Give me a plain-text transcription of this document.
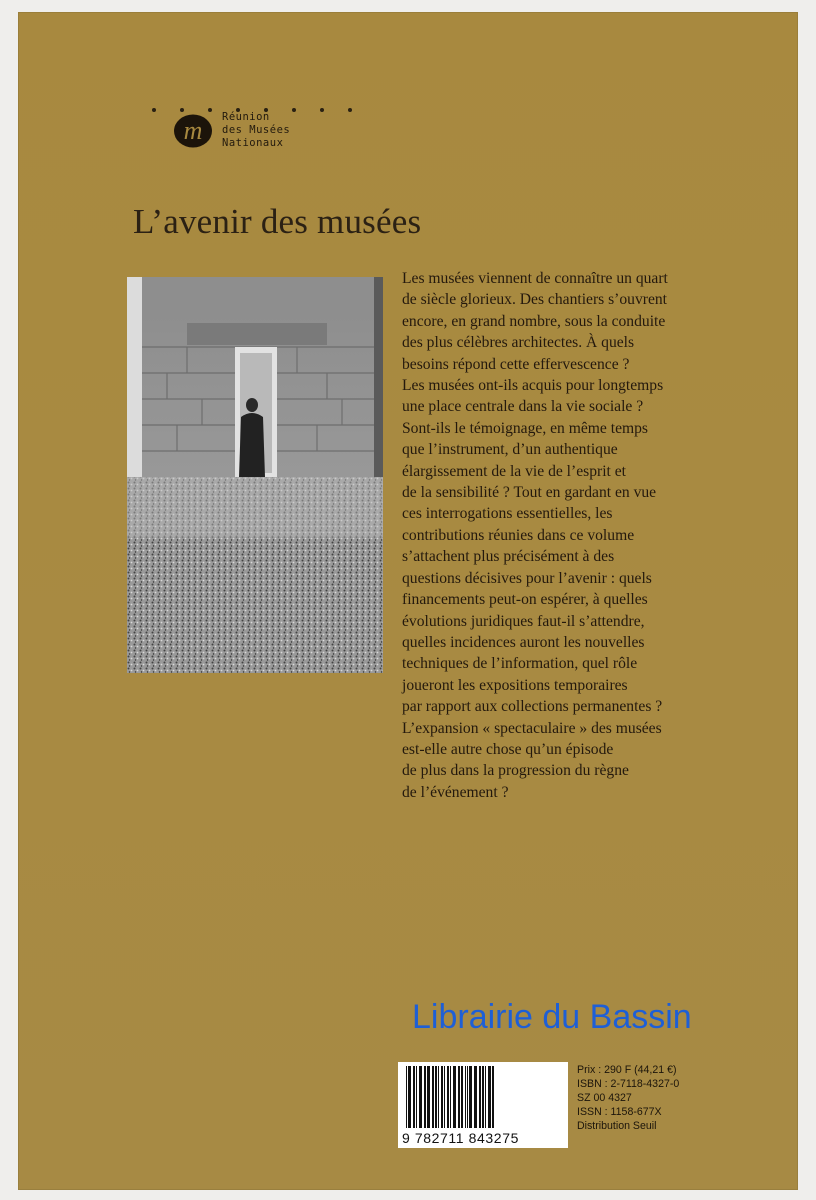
m Réunion
des Musées
Nationaux
L’avenir des musées
Les musées viennent de connaître un quart
de siècle glorieux. Des chantiers s’ouvrent
encore, en grand nombre, sous la conduite
des plus célèbres architectes. À quels
besoins répond cette effervescence ?
Les musées ont-ils acquis pour longtemps
une place centrale dans la vie sociale ?
Sont-ils le témoignage, en même temps
que l’instrument, d’un authentique
élargissement de la vie de l’esprit et
de la sensibilité ? Tout en gardant en vue
ces interrogations essentielles, les
contributions réunies dans ce volume
s’attachent plus précisément à des
questions décisives pour l’avenir : quels
financements peut-on espérer, à quelles
évolutions juridiques faut-il s’attendre,
quelles incidences auront les nouvelles
techniques de l’information, quel rôle
joueront les expositions temporaires
par rapport aux collections permanentes ?
L’expansion « spectaculaire » des musées
est-elle autre chose qu’un épisode
de plus dans la progression du règne
de l’événement ?
Librairie du Bassin
9 782711 843275
Prix : 290 F (44,21 €)
ISBN : 2-7118-4327-0
SZ 00 4327
ISSN : 1158-677X
Distribution Seuil
